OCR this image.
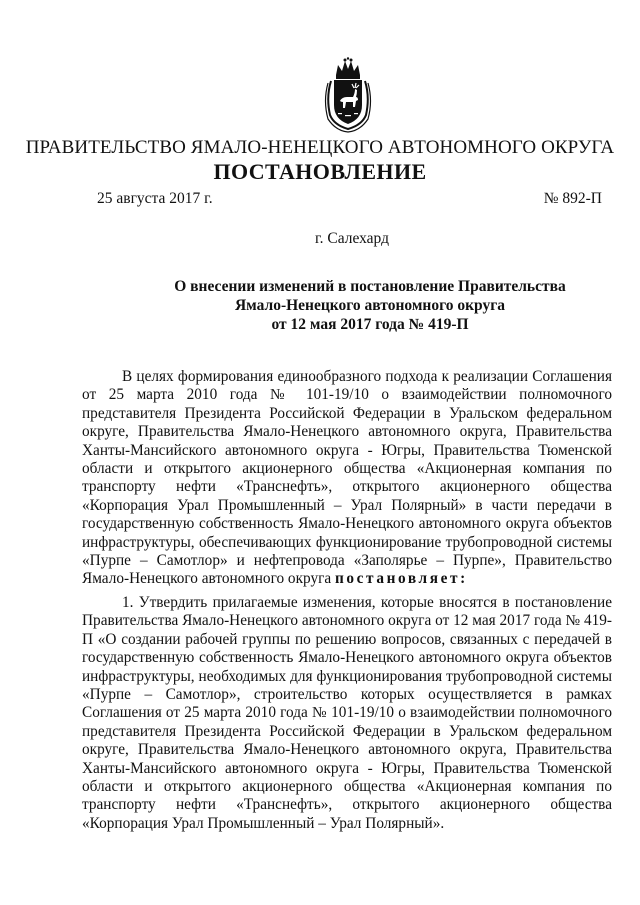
ПРАВИТЕЛЬСТВО ЯМАЛО-НЕНЕЦКОГО АВТОНОМНОГО ОКРУГА
ПОСТАНОВЛЕНИЕ
25 августа 2017 г.	№ 892-П
г. Салехард
О внесении изменений в постановление Правительства
Ямало-Ненецкого автономного округа
от 12 мая 2017 года № 419-П

В целях формирования единообразного подхода к реализации Соглашения от 25 марта 2010 года № 101-19/10 о взаимодействии полномочного представителя Президента Российской Федерации в Уральском федеральном округе, Правительства Ямало-Ненецкого автономного округа, Правительства Ханты-Мансийского автономного округа - Югры, Правительства Тюменской области и открытого акционерного общества «Акционерная компания по транспорту нефти «Транснефть», открытого акционерного общества «Корпорация Урал Промышленный – Урал Полярный» в части передачи в государственную собственность Ямало-Ненецкого автономного округа объектов инфраструктуры, обеспечивающих функционирование трубопроводной системы «Пурпе – Самотлор» и нефтепровода «Заполярье – Пурпе», Правительство Ямало-Ненецкого автономного округа постановляет:

1. Утвердить прилагаемые изменения, которые вносятся в постановление Правительства Ямало-Ненецкого автономного округа от 12 мая 2017 года № 419-П «О создании рабочей группы по решению вопросов, связанных с передачей в государственную собственность Ямало-Ненецкого автономного округа объектов инфраструктуры, необходимых для функционирования трубопроводной системы «Пурпе – Самотлор», строительство которых осуществляется в рамках Соглашения от 25 марта 2010 года № 101-19/10 о взаимодействии полномочного представителя Президента Российской Федерации в Уральском федеральном округе, Правительства Ямало-Ненецкого автономного округа, Правительства Ханты-Мансийского автономного округа - Югры, Правительства Тюменской области и открытого акционерного общества «Акционерная компания по транспорту нефти «Транснефть», открытого акционерного общества «Корпорация Урал Промышленный – Урал Полярный».
